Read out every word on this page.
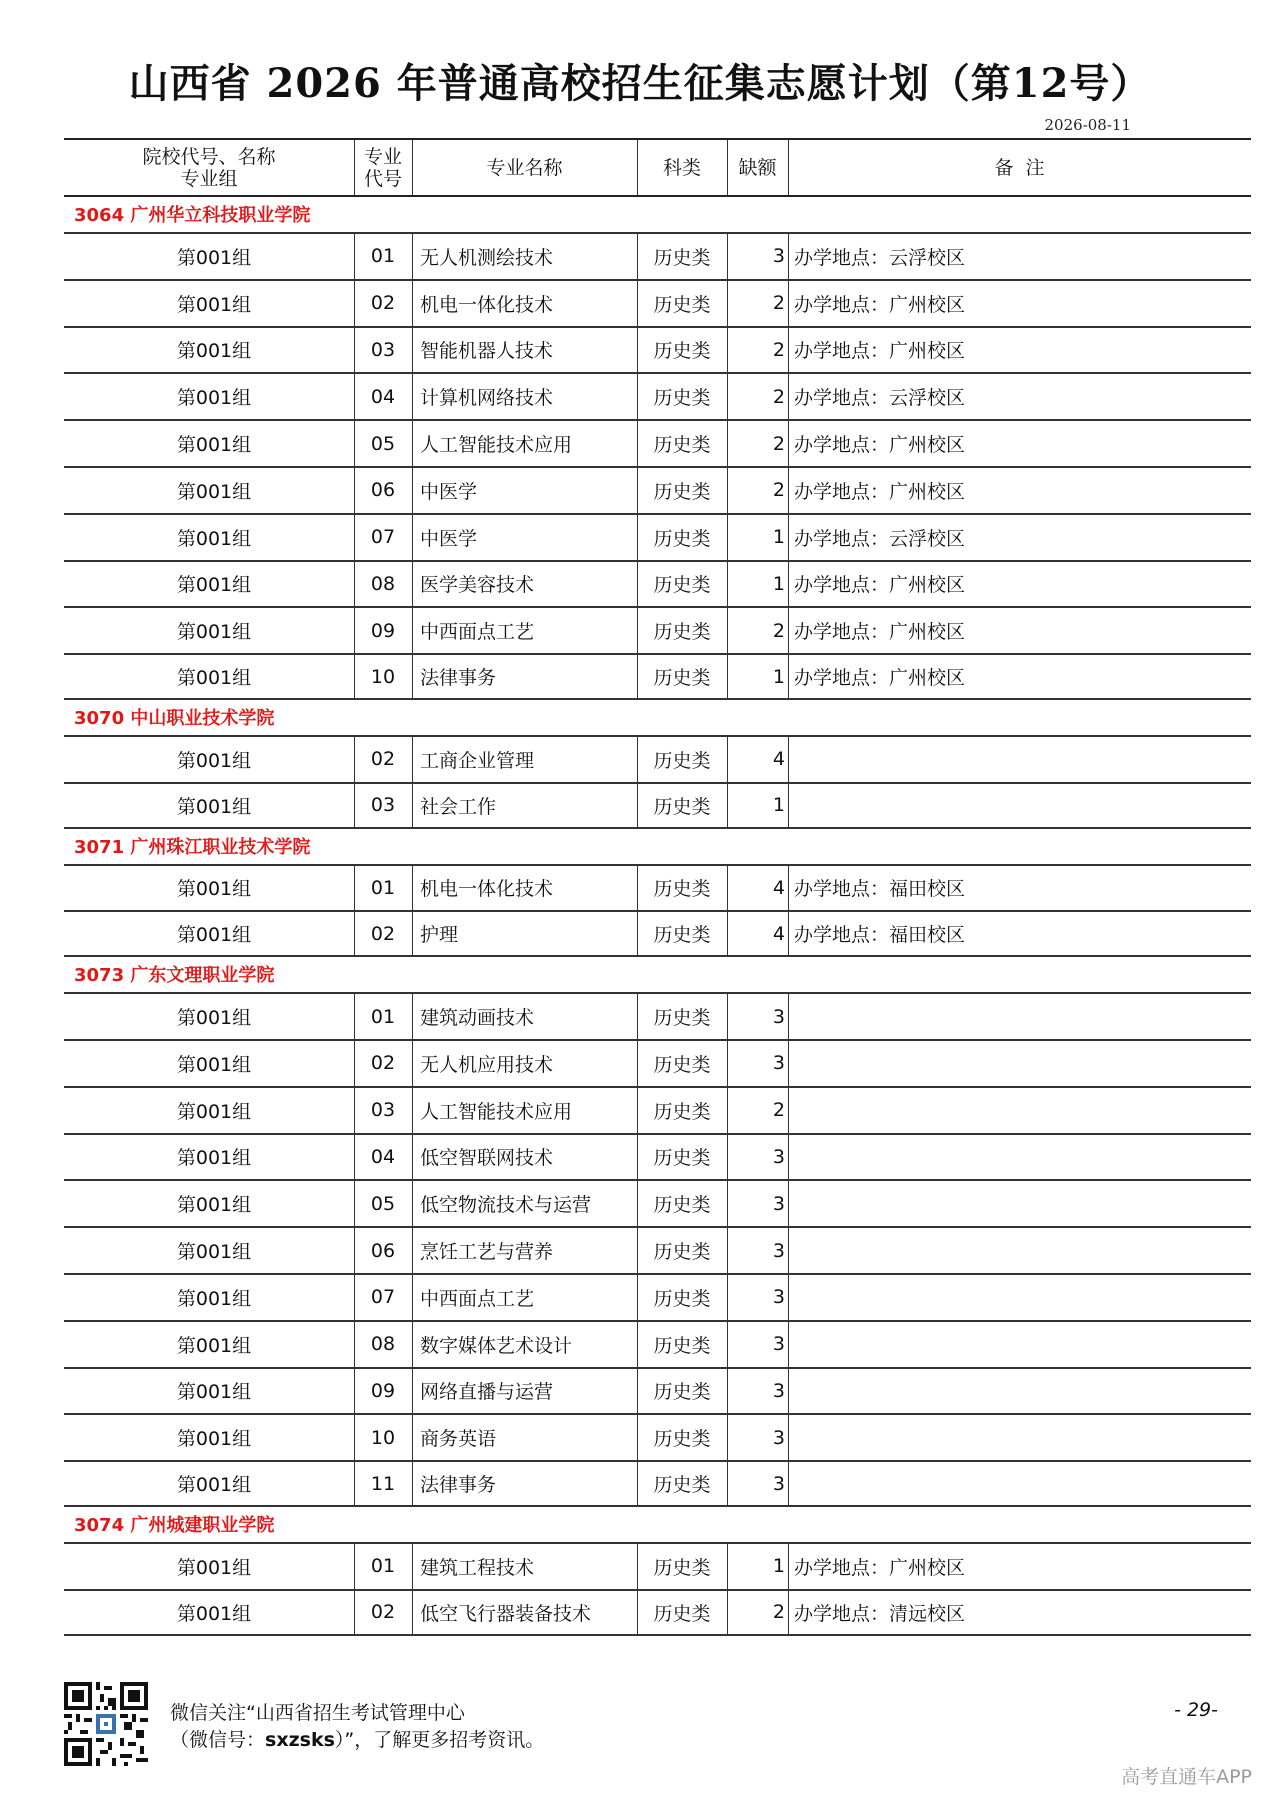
山西省 2026 年普通高校招生征集志愿计划（第12号）
2026-08-11
院校代号、名称
专业组
专业
代号	专业名称	科类	缺额	备  注
3064 广州华立科技职业学院
第001组	01	无人机测绘技术	历史类	3 办学地点：云浮校区
第001组	02	机电一体化技术	历史类	2 办学地点：广州校区
第001组	03	智能机器人技术	历史类	2 办学地点：广州校区
第001组	04	计算机网络技术	历史类	2 办学地点：云浮校区
第001组	05	人工智能技术应用	历史类	2 办学地点：广州校区
第001组	06	中医学	历史类	2 办学地点：广州校区
第001组	07	中医学	历史类	1 办学地点：云浮校区
第001组	08	医学美容技术	历史类	1 办学地点：广州校区
第001组	09	中西面点工艺	历史类	2 办学地点：广州校区
第001组	10	法律事务	历史类	1 办学地点：广州校区
3070 中山职业技术学院
第001组	02	工商企业管理	历史类	4
第001组	03	社会工作	历史类	1
3071 广州珠江职业技术学院
第001组	01	机电一体化技术	历史类	4 办学地点：福田校区
第001组	02	护理	历史类	4 办学地点：福田校区
3073 广东文理职业学院
第001组	01	建筑动画技术	历史类	3
第001组	02	无人机应用技术	历史类	3
第001组	03	人工智能技术应用	历史类	2
第001组	04	低空智联网技术	历史类	3
第001组	05	低空物流技术与运营	历史类	3
第001组	06	烹饪工艺与营养	历史类	3
第001组	07	中西面点工艺	历史类	3
第001组	08	数字媒体艺术设计	历史类	3
第001组	09	网络直播与运营	历史类	3
第001组	10	商务英语	历史类	3
第001组	11	法律事务	历史类	3
3074 广州城建职业学院
第001组	01	建筑工程技术	历史类	1 办学地点：广州校区
第001组	02	低空飞行器装备技术	历史类	2 办学地点：清远校区
微信关注“山西省招生考试管理中心
（微信号：sxzsks）”，了解更多招考资讯。
- 29-
高考直通车APP
